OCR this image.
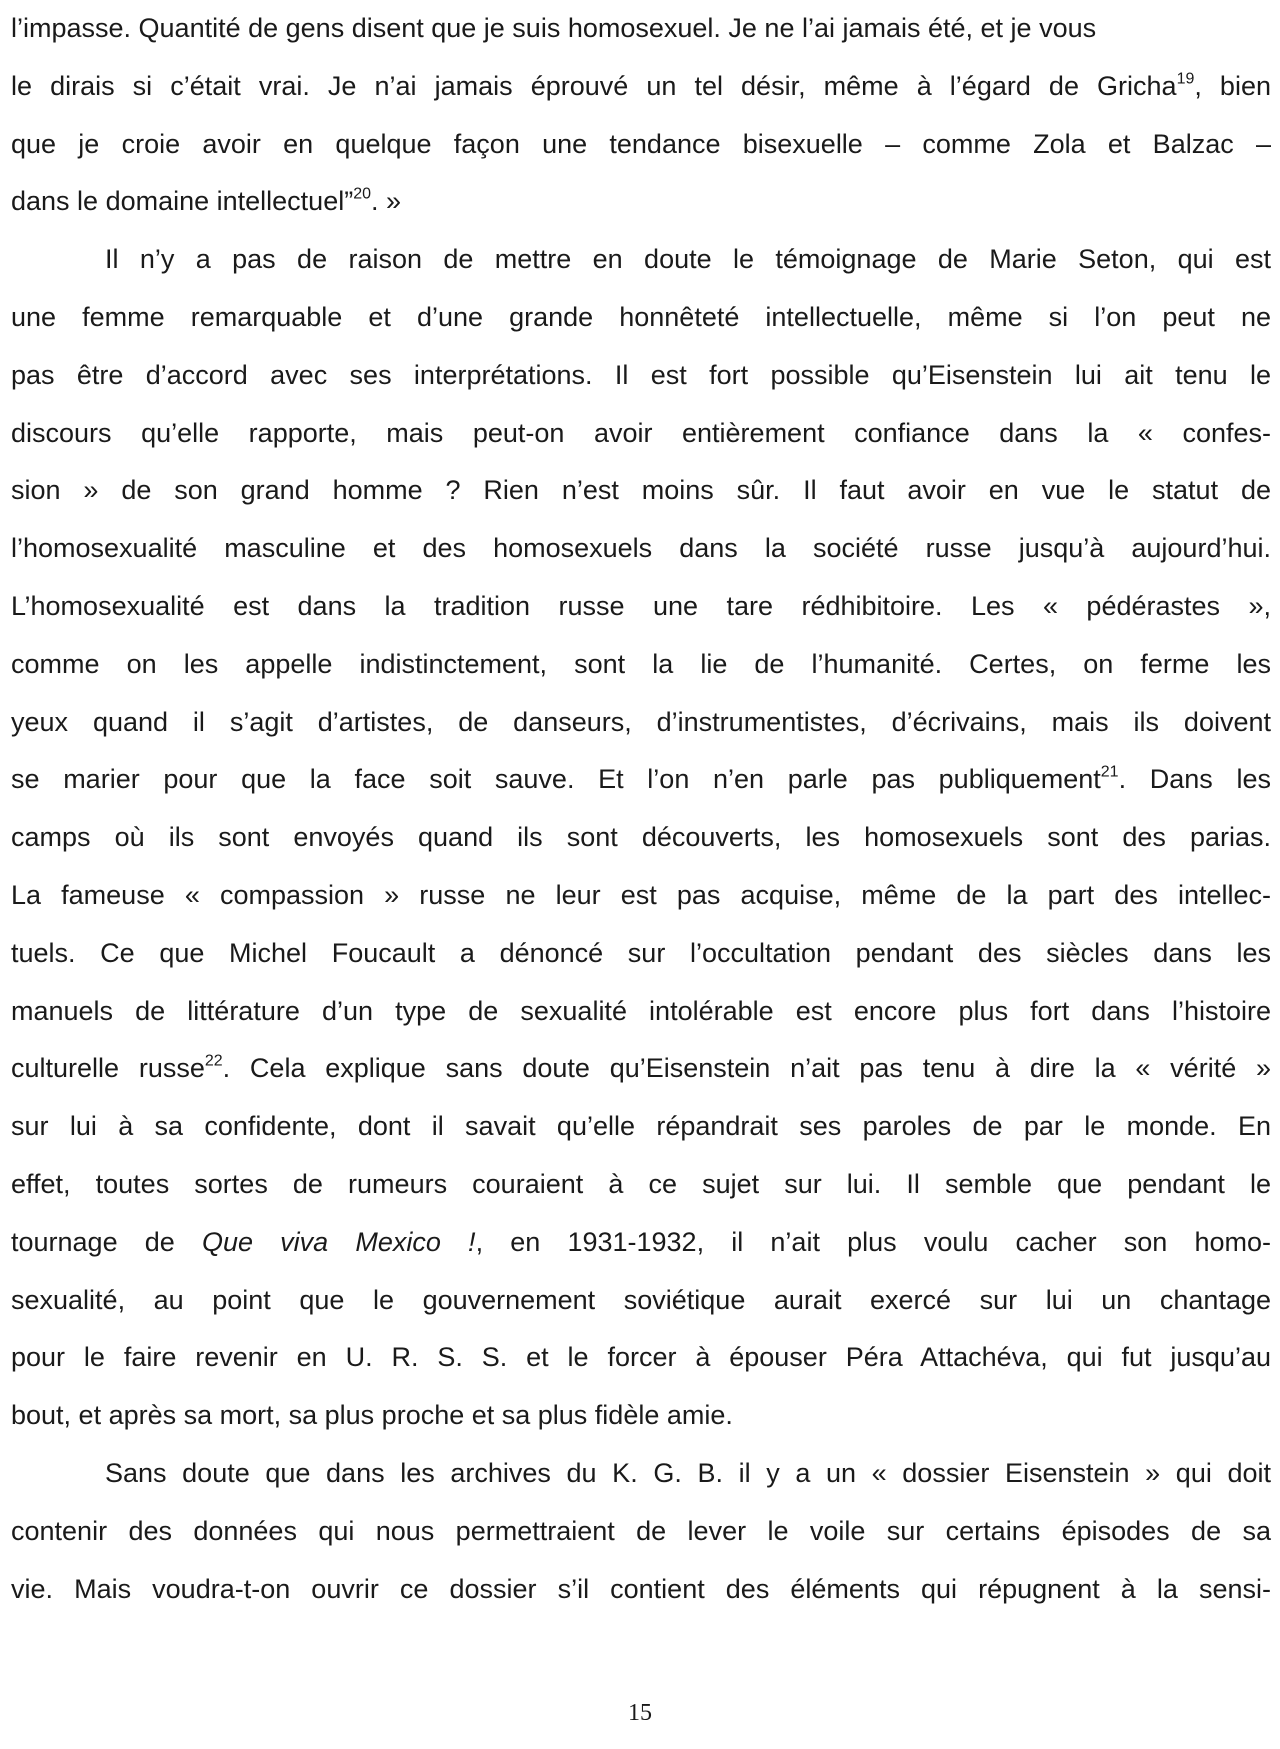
l’impasse. Quantité de gens disent que je suis homosexuel. Je ne l’ai jamais été, et je vous
le dirais si c’était vrai. Je n’ai jamais éprouvé un tel désir, même à l’égard de Gricha$^{19}$, bien
que je croie avoir en quelque façon une tendance bisexuelle – comme Zola et Balzac –
dans le domaine intellectuel”$^{20}$. »
Il n’y a pas de raison de mettre en doute le témoignage de Marie Seton, qui est
une femme remarquable et d’une grande honnêteté intellectuelle, même si l’on peut ne
pas être d’accord avec ses interprétations. Il est fort possible qu’Eisenstein lui ait tenu le
discours qu’elle rapporte, mais peut-on avoir entièrement confiance dans la « confes-
sion » de son grand homme ? Rien n’est moins sûr. Il faut avoir en vue le statut de
l’homosexualité masculine et des homosexuels dans la société russe jusqu’à aujourd’hui.
L’homosexualité est dans la tradition russe une tare rédhibitoire. Les « pédérastes »,
comme on les appelle indistinctement, sont la lie de l’humanité. Certes, on ferme les
yeux quand il s’agit d’artistes, de danseurs, d’instrumentistes, d’écrivains, mais ils doivent
se marier pour que la face soit sauve. Et l’on n’en parle pas publiquement$^{21}$. Dans les
camps où ils sont envoyés quand ils sont découverts, les homosexuels sont des parias.
La fameuse « compassion » russe ne leur est pas acquise, même de la part des intellec-
tuels. Ce que Michel Foucault a dénoncé sur l’occultation pendant des siècles dans les
manuels de littérature d’un type de sexualité intolérable est encore plus fort dans l’histoire
culturelle russe$^{22}$. Cela explique sans doute qu’Eisenstein n’ait pas tenu à dire la « vérité »
sur lui à sa confidente, dont il savait qu’elle répandrait ses paroles de par le monde. En
effet, toutes sortes de rumeurs couraient à ce sujet sur lui. Il semble que pendant le
tournage de Que viva Mexico !, en 1931-1932, il n’ait plus voulu cacher son homo-
sexualité, au point que le gouvernement soviétique aurait exercé sur lui un chantage
pour le faire revenir en U. R. S. S. et le forcer à épouser Péra Attachéva, qui fut jusqu’au
bout, et après sa mort, sa plus proche et sa plus fidèle amie.
Sans doute que dans les archives du K. G. B. il y a un « dossier Eisenstein » qui doit
contenir des données qui nous permettraient de lever le voile sur certains épisodes de sa
vie. Mais voudra-t-on ouvrir ce dossier s’il contient des éléments qui répugnent à la sensi-
15
